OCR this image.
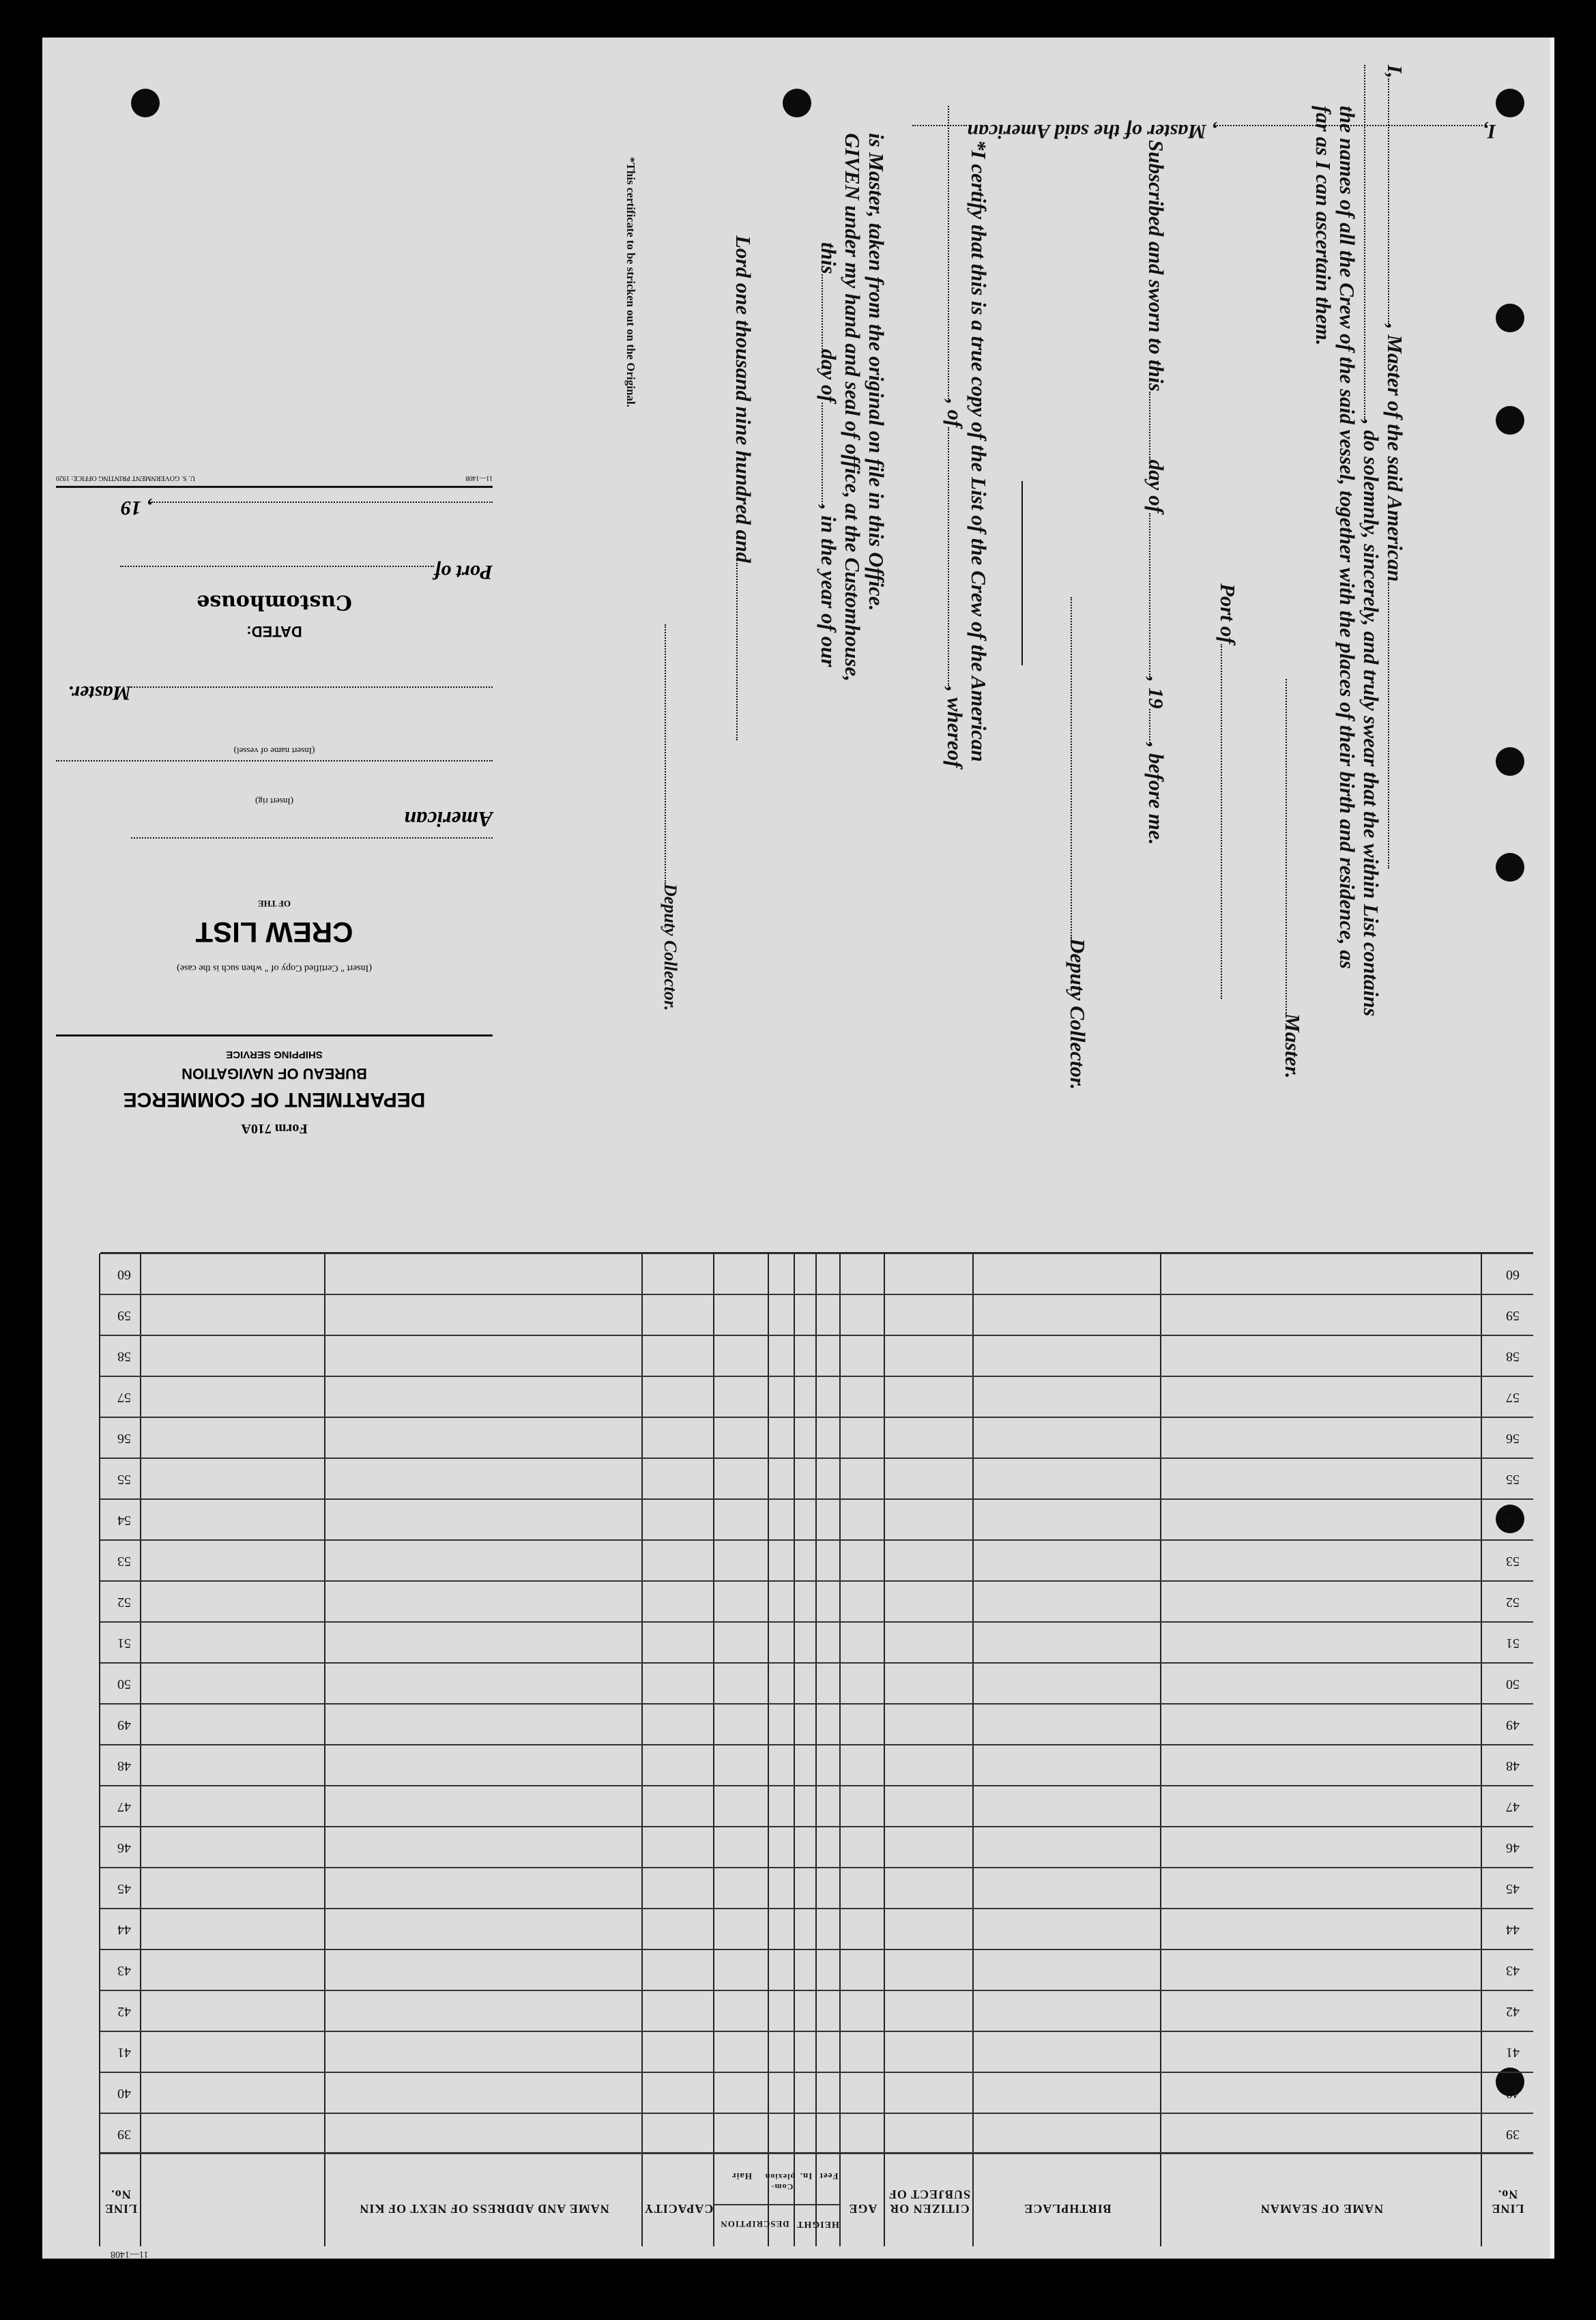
I,, Master of the said American
I,, Master of the said American
, do solemnly, sincerely, and truly swear that the within List contains
the names of all the Crew of the said vessel, together with the places of their birth and residence, as
far as I can ascertain them.
Master.
Port of
Subscribed and sworn to thisday of, 19, before me.
Deputy Collector.
*I certify that this is a true copy of the List of the Crew of the American
, of, whereof
is Master, taken from the original on file in this Office.
GIVEN under my hand and seal of office, at the Customhouse,
thisday of, in the year of our
Lord one thousand nine hundred and
Deputy Collector.
*This certificate to be stricken out on the Original.
Form 710A
DEPARTMENT OF COMMERCE
BUREAU OF NAVIGATION
SHIPPING SERVICE
(Insert " Certified Copy of " when such is the case)
CREW LIST
OF THE
American
(Insert rig)
(Insert name of vessel)
Master.
DATED:
Customhouse
Port of
, 19
11—1408
U. S. GOVERNMENT PRINTING OFFICE: 1920
39
39
40
40
41
41
42
42
43
43
44
44
45
45
46
46
47
47
48
48
49
49
50
50
51
51
52
52
53
53
54
54
55
55
56
56
57
57
58
58
59
59
60
60
LINE No.
NAME OF SEAMAN
BIRTHPLACE
CITIZEN OR SUBJECT OF
AGE
CAPACITY
NAME AND ADDRESS OF NEXT OF KIN
LINE No.
HEIGHT
Feet
In.
DESCRIPTION
Com- plexion
Hair
11—1408
